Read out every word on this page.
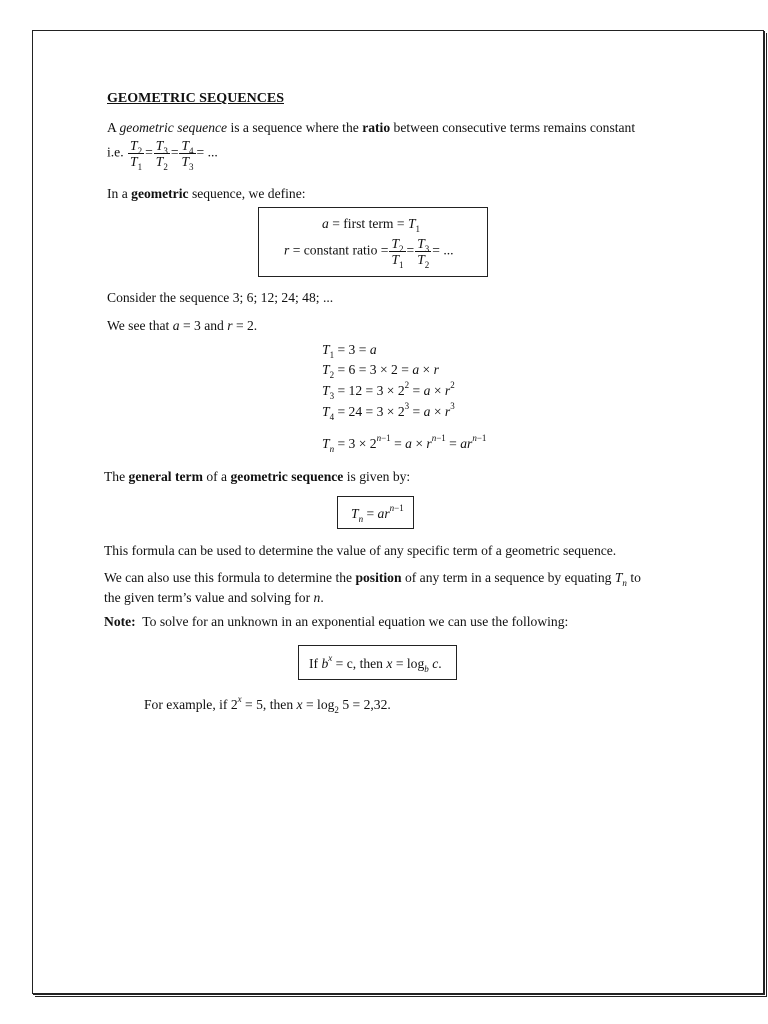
GEOMETRIC SEQUENCES
A geometric sequence is a sequence where the ratio between consecutive terms remains constant
i.e. $\frac{T_2}{T_1} = \frac{T_3}{T_2} = \frac{T_4}{T_3}$ = ...
In a geometric sequence, we define:
a = first term = $T_1$
r = constant ratio = $\frac{T_2}{T_1} = \frac{T_3}{T_2}$ = ...
Consider the sequence 3; 6; 12; 24; 48; ...
We see that a = 3 and r = 2.
$T_1 = 3 = a$
$T_2 = 6 = 3 \times 2 = a \times r$
$T_3 = 12 = 3 \times 2^2 = a \times r^2$
$T_4 = 24 = 3 \times 2^3 = a \times r^3$
$T_n = 3 \times 2^{n-1} = a \times r^{n-1} = ar^{n-1}$
The general term of a geometric sequence is given by:
$T_n = ar^{n-1}$
This formula can be used to determine the value of any specific term of a geometric sequence.
We can also use this formula to determine the position of any term in a sequence by equating $T_n$ to
the given term’s value and solving for n.
Note: To solve for an unknown in an exponential equation we can use the following:
If $b^x = c$, then $x = \log_b c$.
For example, if $2^x = 5$, then $x = \log_2 5 = 2,32$.
